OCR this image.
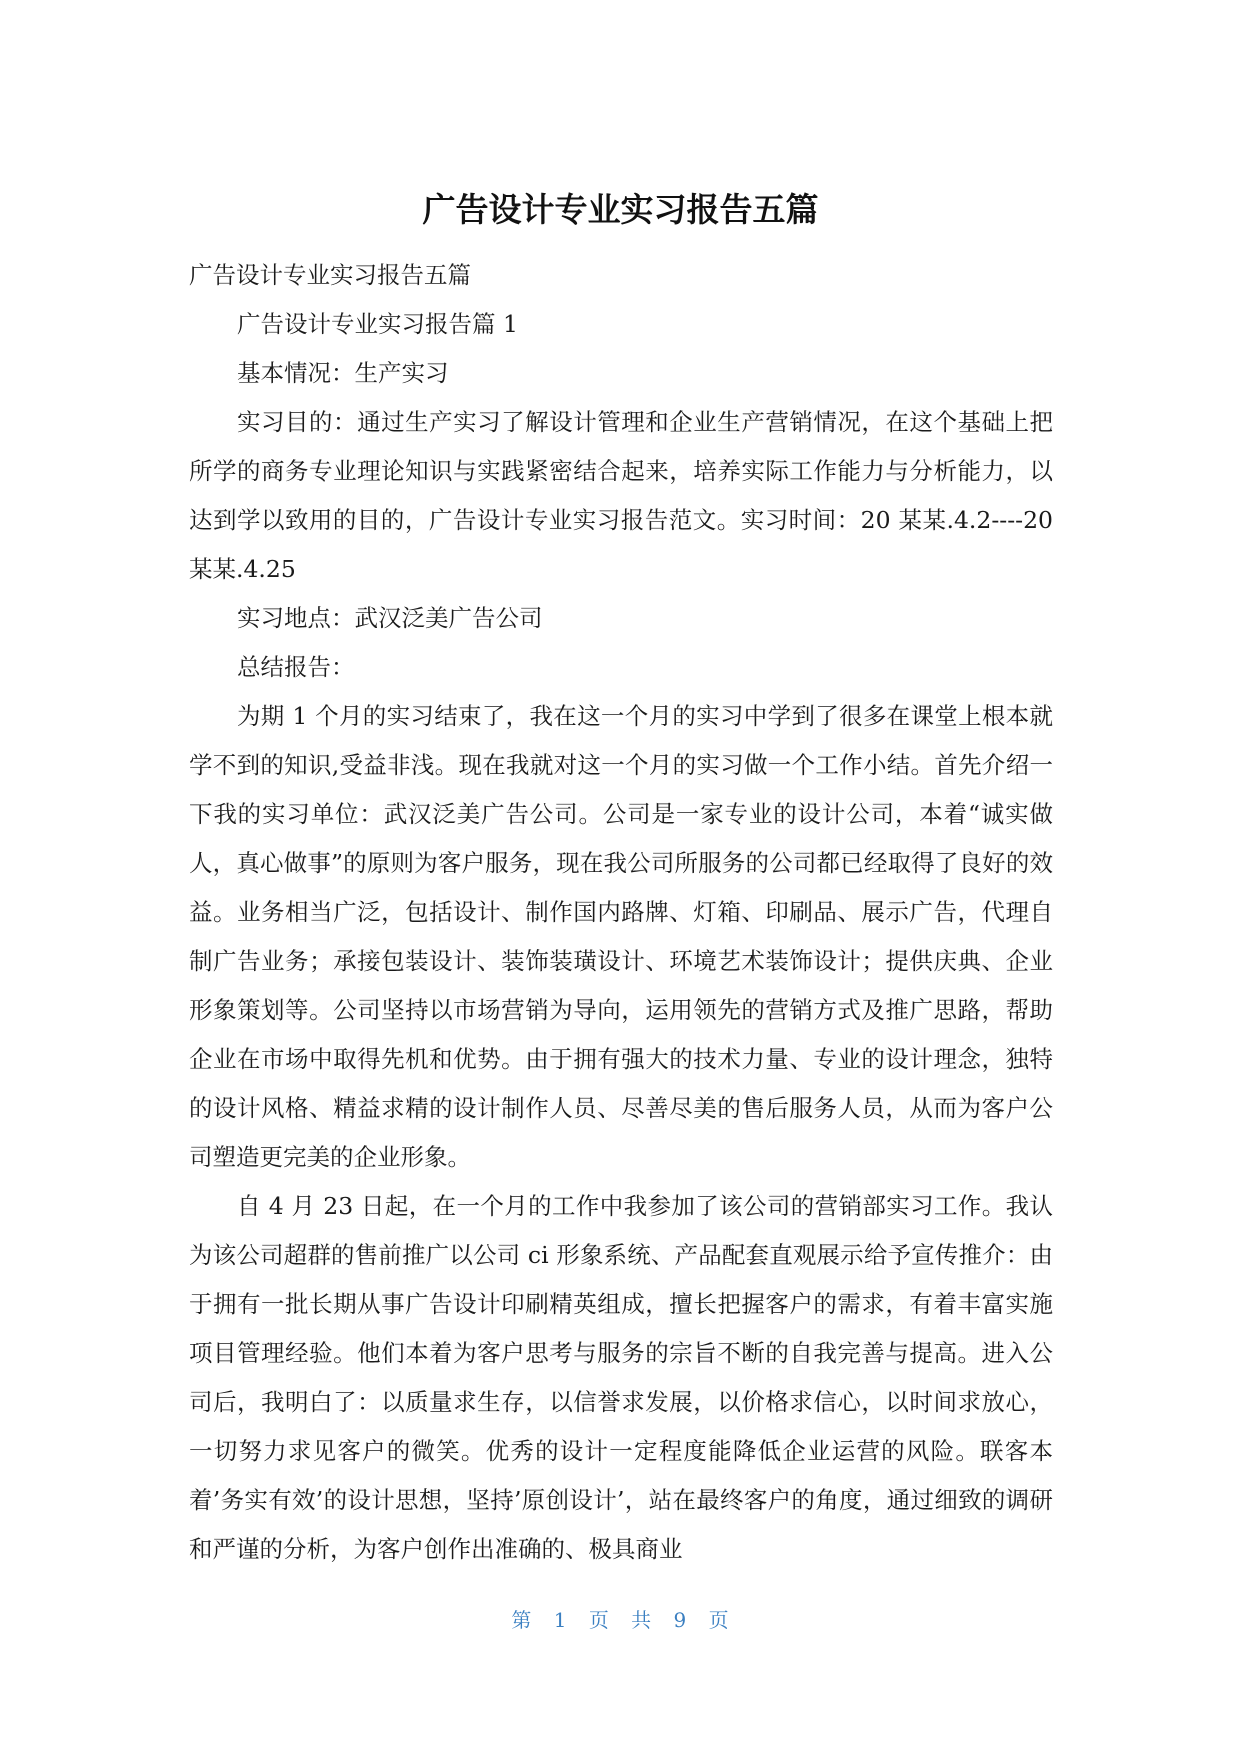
广告设计专业实习报告五篇

广告设计专业实习报告五篇

广告设计专业实习报告篇 1

基本情况：生产实习

实习目的：通过生产实习了解设计管理和企业生产营销情况，在这个基础上把所学的商务专业理论知识与实践紧密结合起来，培养实际工作能力与分析能力，以达到学以致用的目的，广告设计专业实习报告范文。实习时间：20 某某.4.2----20 某某.4.25

实习地点：武汉泛美广告公司

总结报告：

为期 1 个月的实习结束了，我在这一个月的实习中学到了很多在课堂上根本就学不到的知识,受益非浅。现在我就对这一个月的实习做一个工作小结。首先介绍一下我的实习单位：武汉泛美广告公司。公司是一家专业的设计公司，本着“诚实做人，真心做事”的原则为客户服务，现在我公司所服务的公司都已经取得了良好的效益。业务相当广泛，包括设计、制作国内路牌、灯箱、印刷品、展示广告，代理自制广告业务；承接包装设计、装饰装璜设计、环境艺术装饰设计；提供庆典、企业形象策划等。公司坚持以市场营销为导向，运用领先的营销方式及推广思路，帮助企业在市场中取得先机和优势。由于拥有强大的技术力量、专业的设计理念，独特的设计风格、精益求精的设计制作人员、尽善尽美的售后服务人员，从而为客户公司塑造更完美的企业形象。

自 4 月 23 日起，在一个月的工作中我参加了该公司的营销部实习工作。我认为该公司超群的售前推广以公司 ci 形象系统、产品配套直观展示给予宣传推介：由于拥有一批长期从事广告设计印刷精英组成，擅长把握客户的需求，有着丰富实施项目管理经验。他们本着为客户思考与服务的宗旨不断的自我完善与提高。进入公司后，我明白了：以质量求生存，以信誉求发展，以价格求信心，以时间求放心，一切努力求见客户的微笑。优秀的设计一定程度能降低企业运营的风险。联客本着’务实有效’的设计思想，坚持’原创设计’，站在最终客户的角度，通过细致的调研和严谨的分析，为客户创作出准确的、极具商业

第 1 页 共 9 页
